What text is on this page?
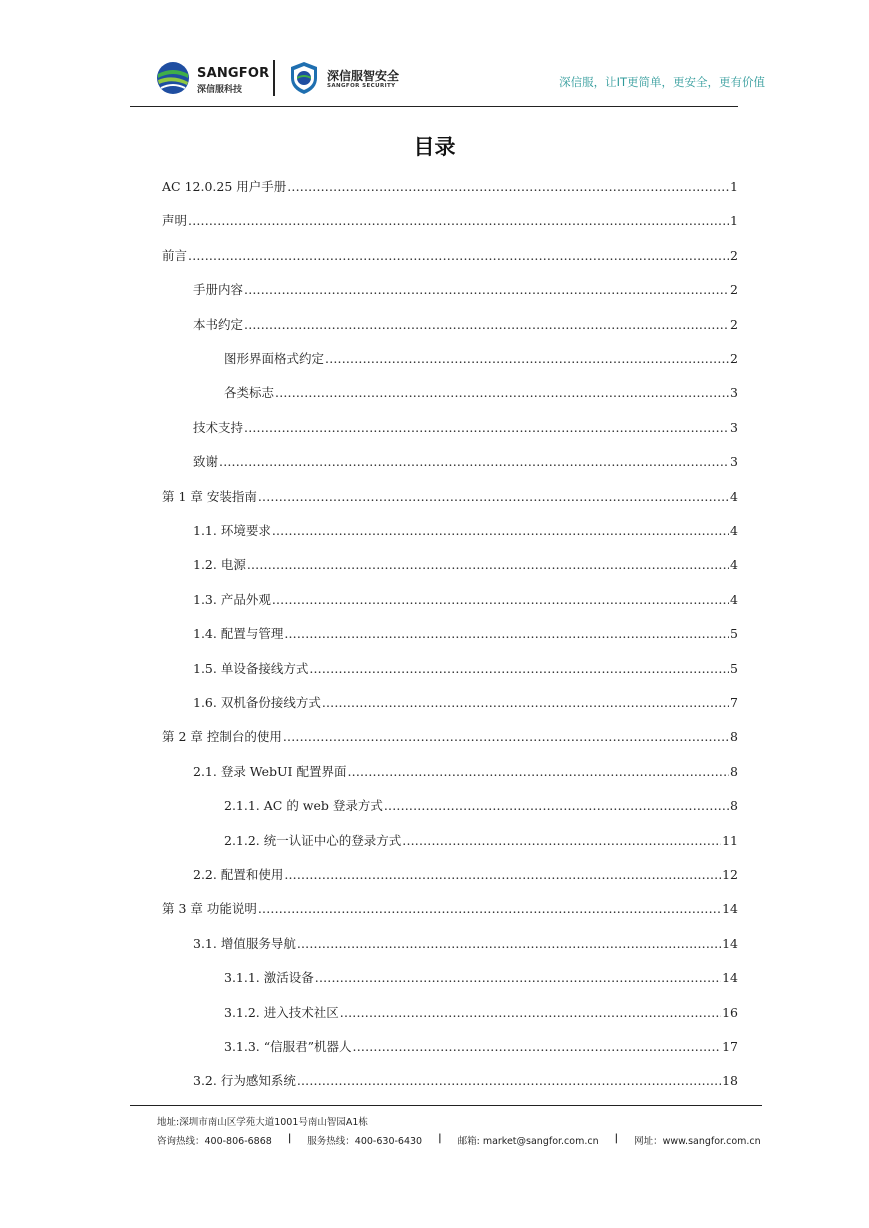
SANGFOR
深信服科技
深信服智安全
SANGFOR SECURITY	深信服，让IT更简单，更安全，更有价值
目录
AC 12.0.25 用户手册 .....	1
声明 .....	1
前言 .....	2
手册内容 .....	2
本书约定 .....	2
图形界面格式约定 .....	2
各类标志 .....	3
技术支持 .....	3
致谢 .....	3
第 1 章 安装指南 .....	4
1.1. 环境要求 .....	4
1.2. 电源 .....	4
1.3. 产品外观 .....	4
1.4. 配置与管理 .....	5
1.5. 单设备接线方式 .....	5
1.6. 双机备份接线方式 .....	7
第 2 章 控制台的使用 .....	8
2.1. 登录 WebUI 配置界面 .....	8
2.1.1. AC 的 web 登录方式 .....	8
2.1.2. 统一认证中心的登录方式 .....	11
2.2. 配置和使用 .....	12
第 3 章 功能说明 .....	14
3.1. 增值服务导航 .....	14
3.1.1. 激活设备 .....	14
3.1.2. 进入技术社区 .....	16
3.1.3. “信服君”机器人 .....	17
3.2. 行为感知系统 .....	18
地址:深圳市南山区学苑大道1001号南山智园A1栋
咨询热线：400-806-6868 | 服务热线：400-630-6430 | 邮箱: market@sangfor.com.cn | 网址：www.sangfor.com.cn
